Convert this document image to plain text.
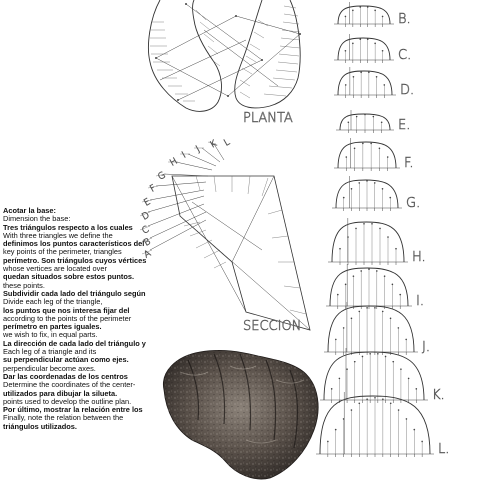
PLANTA
A
B
C
D
E
F
G
H
I
J K L
SECCION
B.
C.
D.
E.
F.
G.
H.
I.
J.
K.
L.
Acotar la base:
Dimension the base:
Tres triángulos respecto a los cuales
With three triangles we define the
definimos los puntos característicos del
key points of the perimeter, triangles
perímetro. Son triángulos cuyos vértices
whose vertices are located over
quedan situados sobre estos puntos.
these points.
Subdividir cada lado del triángulo según
Divide each leg of the triangle,
los puntos que nos interesa fijar del
according to the points of the perimeter
perímetro en partes iguales.
we wish to fix, in equal parts.
La dirección de cada lado del triángulo y
Each leg of a triangle and its
su perpendicular actúan como ejes.
perpendicular become axes.
Dar las coordenadas de los centros
Determine the coordinates of the center-
utilizados para dibujar la silueta.
points used to develop the outline plan.
Por último, mostrar la relación entre los
Finally, note the relation between the
triángulos utilizados.
